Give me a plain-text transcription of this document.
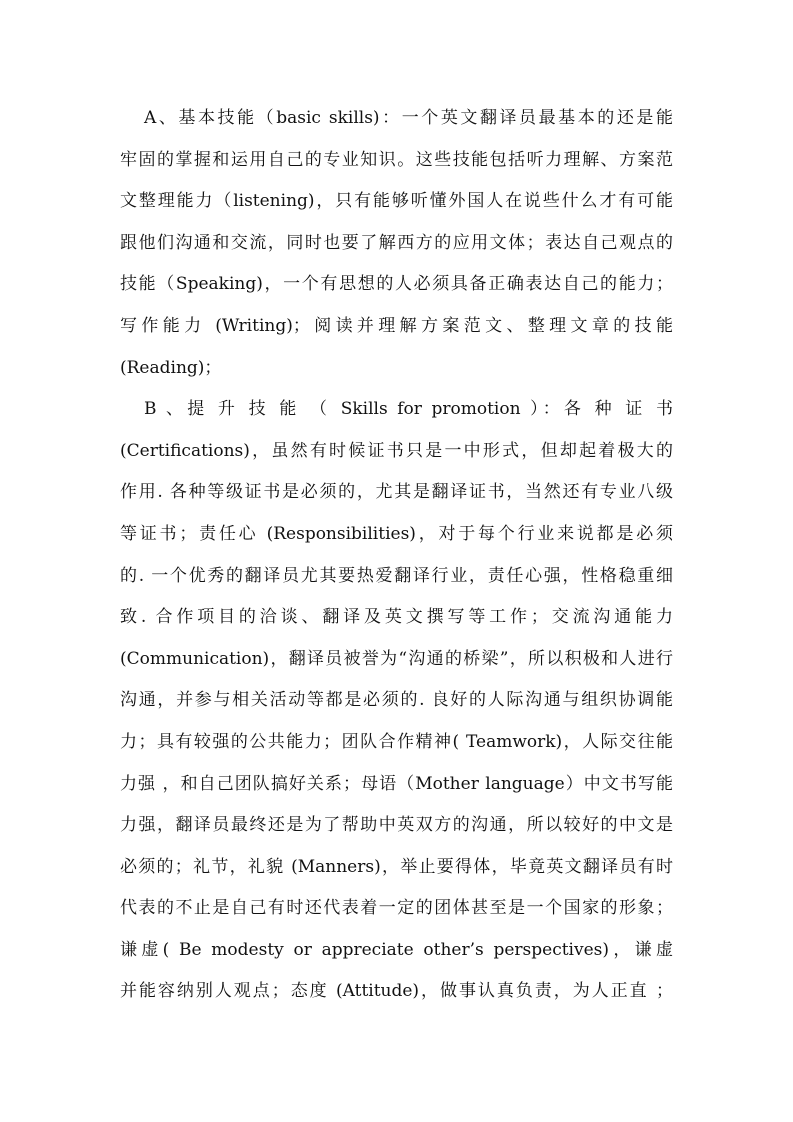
A、基本技能（basic skills)：一个英文翻译员最基本的还是能
牢固的掌握和运用自己的专业知识。这些技能包括听力理解、方案范
文整理能力（listening)，只有能够听懂外国人在说些什么才有可能
跟他们沟通和交流，同时也要了解西方的应用文体；表达自己观点的
技能（Speaking)，一个有思想的人必须具备正确表达自己的能力；
写作能力 (Writing)；阅读并理解方案范文、整理文章的技能
(Reading)；
B 、提 升 技 能 （ Skills for promotion ）：各 种 证 书
(Certifications)，虽然有时候证书只是一中形式，但却起着极大的
作用. 各种等级证书是必须的，尤其是翻译证书，当然还有专业八级
等证书；责任心 (Responsibilities)，对于每个行业来说都是必须
的. 一个优秀的翻译员尤其要热爱翻译行业，责任心强，性格稳重细
致. 合作项目的洽谈、翻译及英文撰写等工作；交流沟通能力
(Communication)，翻译员被誉为“沟通的桥梁”，所以积极和人进行
沟通，并参与相关活动等都是必须的. 良好的人际沟通与组织协调能
力；具有较强的公共能力；团队合作精神( Teamwork)，人际交往能
力强 ，和自己团队搞好关系；母语（Mother language）中文书写能
力强，翻译员最终还是为了帮助中英双方的沟通，所以较好的中文是
必须的；礼节，礼貌 (Manners)，举止要得体，毕竟英文翻译员有时
代表的不止是自己有时还代表着一定的团体甚至是一个国家的形象；
谦虚( Be modesty or appreciate other’s perspectives)，谦虚
并能容纳别人观点；态度 (Attitude)，做事认真负责，为人正直 ；
